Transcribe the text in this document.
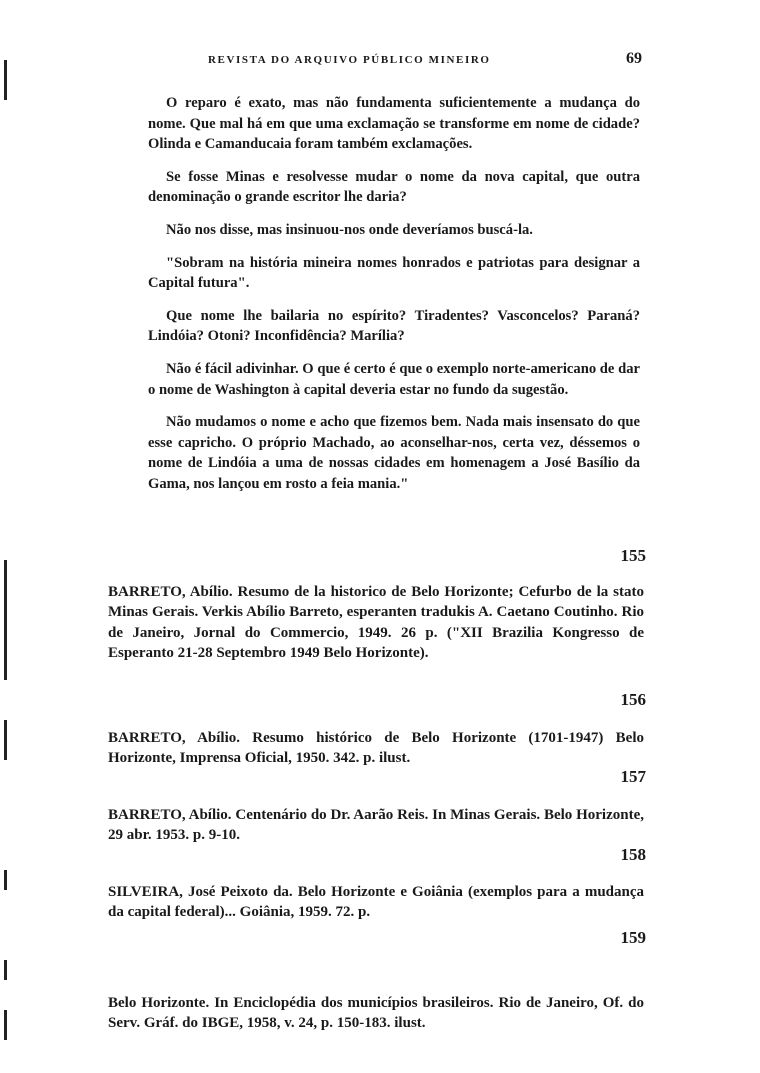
REVISTA DO ARQUIVO PÚBLICO MINEIRO	69

O reparo é exato, mas não fundamenta suficientemente a mudança do nome. Que mal há em que uma exclamação se transforme em nome de cidade? Olinda e Camanducaia foram também exclamações.

Se fosse Minas e resolvesse mudar o nome da nova capital, que outra denominação o grande escritor lhe daria?

Não nos disse, mas insinuou-nos onde deveríamos buscá-la.

"Sobram na história mineira nomes honrados e patriotas para designar a Capital futura".

Que nome lhe bailaria no espírito? Tiradentes? Vasconcelos? Paraná? Lindóia? Otoni? Inconfidência? Marília?

Não é fácil adivinhar. O que é certo é que o exemplo norte-americano de dar o nome de Washington à capital deveria estar no fundo da sugestão.

Não mudamos o nome e acho que fizemos bem. Nada mais insensato do que esse capricho. O próprio Machado, ao aconselhar-nos, certa vez, déssemos o nome de Lindóia a uma de nossas cidades em homenagem a José Basílio da Gama, nos lançou em rosto a feia mania."

155
BARRETO, Abílio. Resumo de la historico de Belo Horizonte; Cefurbo de la stato Minas Gerais. Verkis Abílio Barreto, esperanten tradukis A. Caetano Coutinho. Rio de Janeiro, Jornal do Commercio, 1949. 26 p. ("XII Brazilia Kongresso de Esperanto 21-28 Septembro 1949 Belo Horizonte).
156
BARRETO, Abílio. Resumo histórico de Belo Horizonte (1701-1947) Belo Horizonte, Imprensa Oficial, 1950. 342. p. ilust.
157
BARRETO, Abílio. Centenário do Dr. Aarão Reis. In Minas Gerais. Belo Horizonte, 29 abr. 1953. p. 9-10.
158
SILVEIRA, José Peixoto da. Belo Horizonte e Goiânia (exemplos para a mudança da capital federal)... Goiânia, 1959. 72. p.
159
Belo Horizonte. In Enciclopédia dos municípios brasileiros. Rio de Janeiro, Of. do Serv. Gráf. do IBGE, 1958, v. 24, p. 150-183. ilust.
